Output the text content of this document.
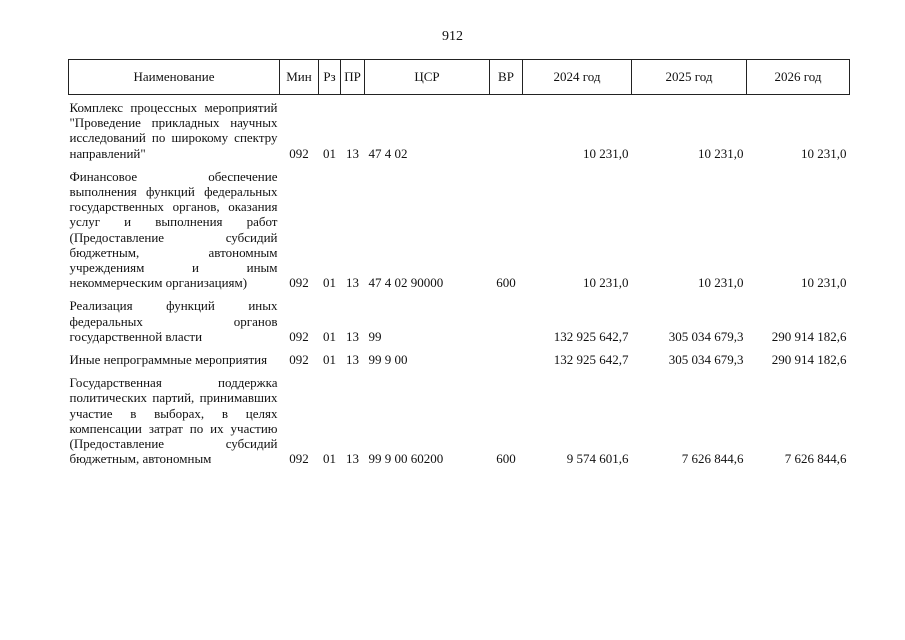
912
Наименование	Мин	Рз	ПР	ЦСР	ВР	2024 год	2025 год	2026 год
Комплекс процессных мероприятий "Проведение прикладных научных исследований по широкому спектру направлений"	092	01	13	47 4 02		10 231,0	10 231,0	10 231,0

Финансовое обеспечение выполнения функций федеральных государственных органов, оказания услуг и выполнения работ (Предоставление субсидий бюджетным, автономным учреждениям и иным некоммерческим организациям)	092	01	13	47 4 02 90000	600	10 231,0	10 231,0	10 231,0

Реализация функций иных федеральных органов государственной власти	092	01	13	99		132 925 642,7	305 034 679,3	290 914 182,6

Иные непрограммные мероприятия	092	01	13	99 9 00		132 925 642,7	305 034 679,3	290 914 182,6

Государственная поддержка политических партий, принимавших участие в выборах, в целях компенсации затрат по их участию (Предоставление субсидий бюджетным, автономным	092	01	13	99 9 00 60200	600	9 574 601,6	7 626 844,6	7 626 844,6
